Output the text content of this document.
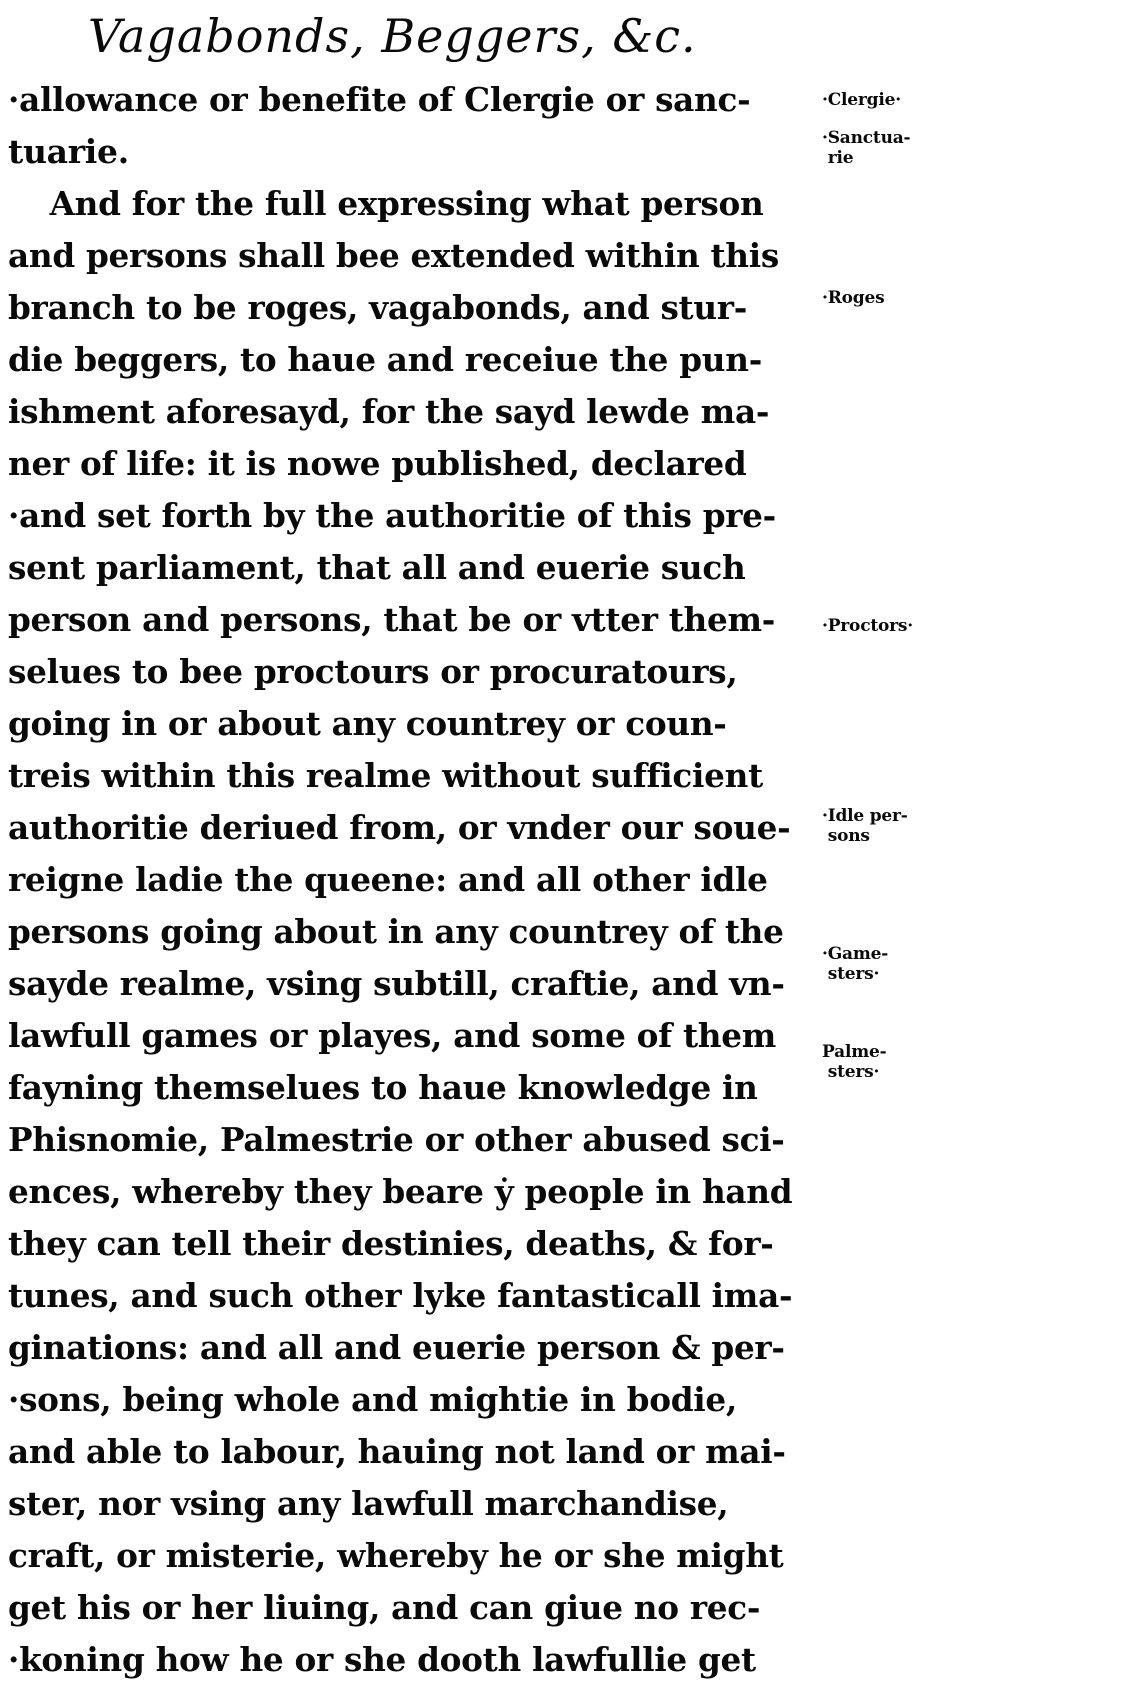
Vagabonds, Beggers, &c.
·allowance or benefite of Clergie or sanc-
tuarie.
And for the full expressing what person
and persons shall bee extended within this
branch to be roges, vagabonds, and stur-
die beggers, to haue and receiue the pun-
ishment aforesayd, for the sayd lewde ma-
ner of life: it is nowe published, declared
·and set forth by the authoritie of this pre-
sent parliament, that all and euerie such
person and persons, that be or vtter them-
selues to bee proctours or procuratours,
going in or about any countrey or coun-
treis within this realme without sufficient
authoritie deriued from, or vnder our soue-
reigne ladie the queene: and all other idle
persons going about in any countrey of the
sayde realme, vsing subtill, craftie, and vn-
lawfull games or playes, and some of them
fayning themselues to haue knowledge in
Phisnomie, Palmestrie or other abused sci-
ences, whereby they beare ẏ people in hand
they can tell their destinies, deaths, & for-
tunes, and such other lyke fantasticall ima-
ginations: and all and euerie person & per-
·sons, being whole and mightie in bodie,
and able to labour, hauing not land or mai-
ster, nor vsing any lawfull marchandise,
craft, or misterie, whereby he or she might
get his or her liuing, and can giue no rec-
·koning how he or she dooth lawfullie get
·Clergie·
·Sanctua-
rie
·Roges
·Proctors·
·Idle per-
sons
·Game-
sters·
Palme-
sters·
